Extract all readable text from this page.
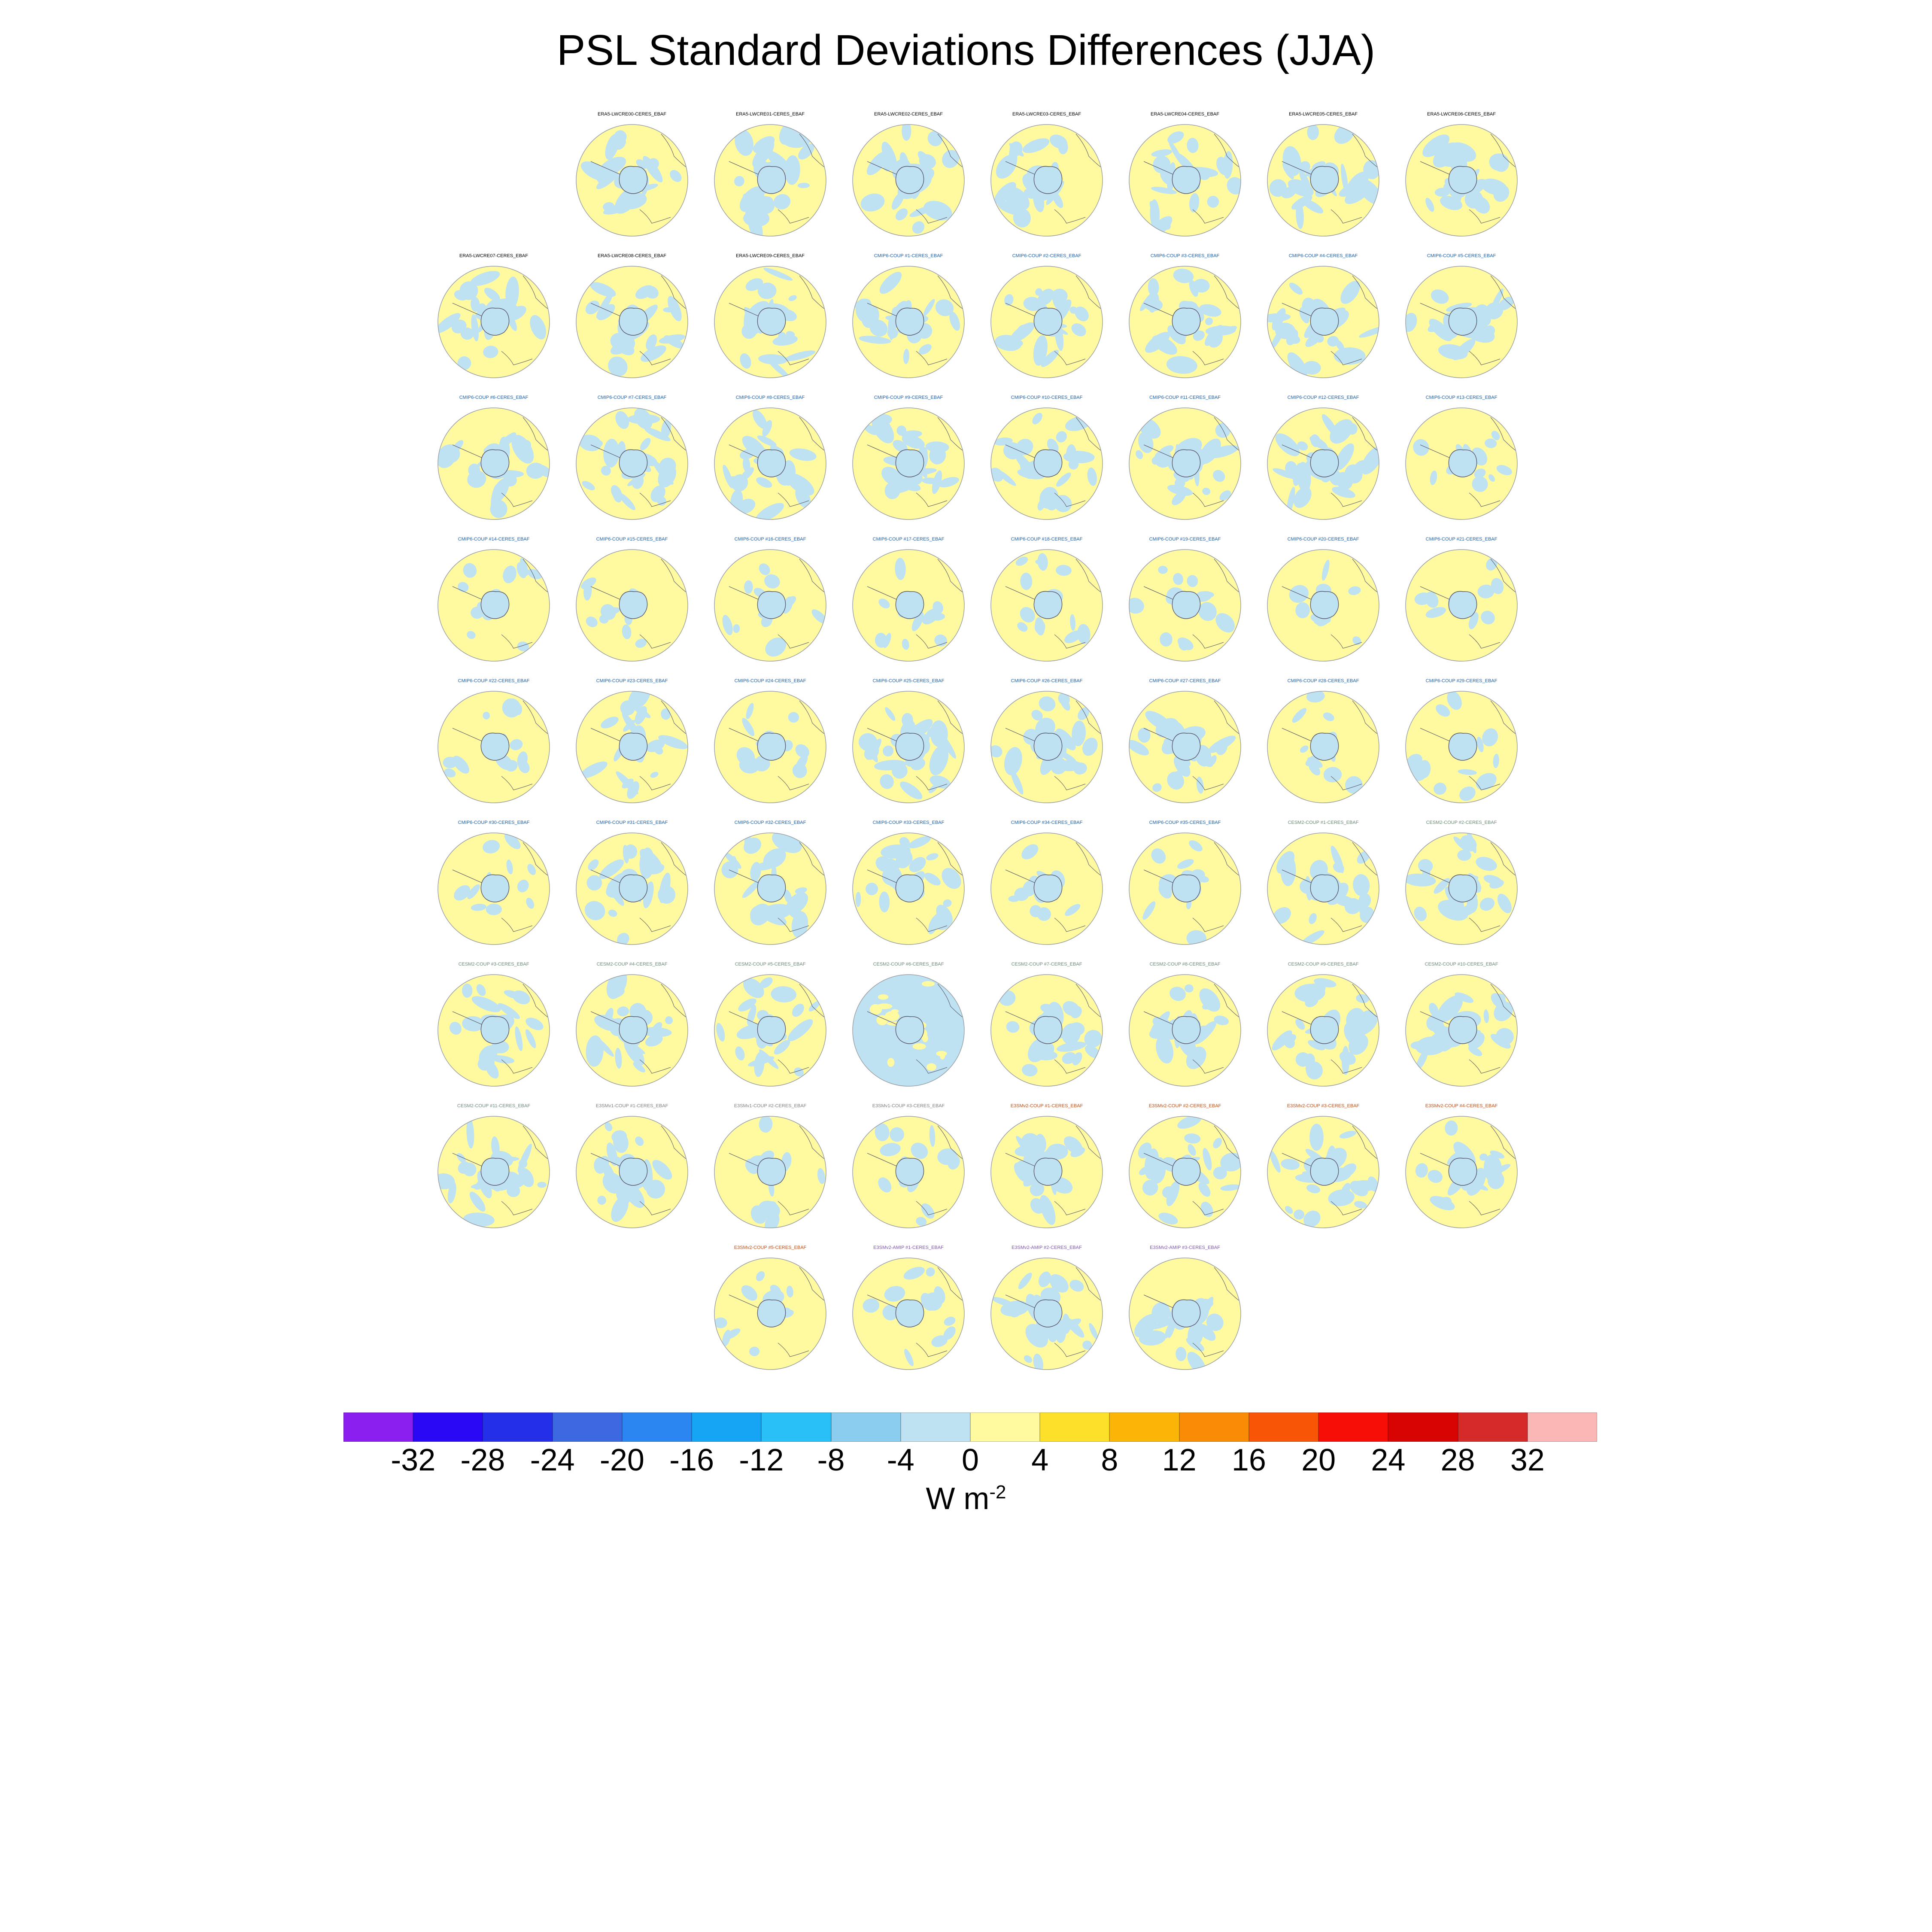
PSL Standard Deviations Differences (JJA)
ERA5-LWCRE00-CERES_EBAF	ERA5-LWCRE01-CERES_EBAF	ERA5-LWCRE02-CERES_EBAF	ERA5-LWCRE03-CERES_EBAF	ERA5-LWCRE04-CERES_EBAF	ERA5-LWCRE05-CERES_EBAF	ERA5-LWCRE06-CERES_EBAF
ERA5-LWCRE07-CERES_EBAF	ERA5-LWCRE08-CERES_EBAF	ERA5-LWCRE09-CERES_EBAF	CMIP6-COUP #1-CERES_EBAF	CMIP6-COUP #2-CERES_EBAF	CMIP6-COUP #3-CERES_EBAF	CMIP6-COUP #4-CERES_EBAF	CMIP6-COUP #5-CERES_EBAF
CMIP6-COUP #6-CERES_EBAF	CMIP6-COUP #7-CERES_EBAF	CMIP6-COUP #8-CERES_EBAF	CMIP6-COUP #9-CERES_EBAF	CMIP6-COUP #10-CERES_EBAF	CMIP6-COUP #11-CERES_EBAF	CMIP6-COUP #12-CERES_EBAF	CMIP6-COUP #13-CERES_EBAF
CMIP6-COUP #14-CERES_EBAF	CMIP6-COUP #15-CERES_EBAF	CMIP6-COUP #16-CERES_EBAF	CMIP6-COUP #17-CERES_EBAF	CMIP6-COUP #18-CERES_EBAF	CMIP6-COUP #19-CERES_EBAF	CMIP6-COUP #20-CERES_EBAF	CMIP6-COUP #21-CERES_EBAF
CMIP6-COUP #22-CERES_EBAF	CMIP6-COUP #23-CERES_EBAF	CMIP6-COUP #24-CERES_EBAF	CMIP6-COUP #25-CERES_EBAF	CMIP6-COUP #26-CERES_EBAF	CMIP6-COUP #27-CERES_EBAF	CMIP6-COUP #28-CERES_EBAF	CMIP6-COUP #29-CERES_EBAF
CMIP6-COUP #30-CERES_EBAF	CMIP6-COUP #31-CERES_EBAF	CMIP6-COUP #32-CERES_EBAF	CMIP6-COUP #33-CERES_EBAF	CMIP6-COUP #34-CERES_EBAF	CMIP6-COUP #35-CERES_EBAF	CESM2-COUP #1-CERES_EBAF	CESM2-COUP #2-CERES_EBAF
CESM2-COUP #3-CERES_EBAF	CESM2-COUP #4-CERES_EBAF	CESM2-COUP #5-CERES_EBAF	CESM2-COUP #6-CERES_EBAF	CESM2-COUP #7-CERES_EBAF	CESM2-COUP #8-CERES_EBAF	CESM2-COUP #9-CERES_EBAF	CESM2-COUP #10-CERES_EBAF
CESM2-COUP #11-CERES_EBAF	E3SMv1-COUP #1-CERES_EBAF	E3SMv1-COUP #2-CERES_EBAF	E3SMv1-COUP #3-CERES_EBAF	E3SMv2-COUP #1-CERES_EBAF	E3SMv2-COUP #2-CERES_EBAF	E3SMv2-COUP #3-CERES_EBAF	E3SMv2-COUP #4-CERES_EBAF
E3SMv2-COUP #5-CERES_EBAF	E3SMv2-AMIP #1-CERES_EBAF	E3SMv2-AMIP #2-CERES_EBAF	E3SMv2-AMIP #3-CERES_EBAF
-32 -28 -24 -20 -16 -12	-8	-4	0	4	8	12	16	20	24	28	32
W $m^{-2}$
